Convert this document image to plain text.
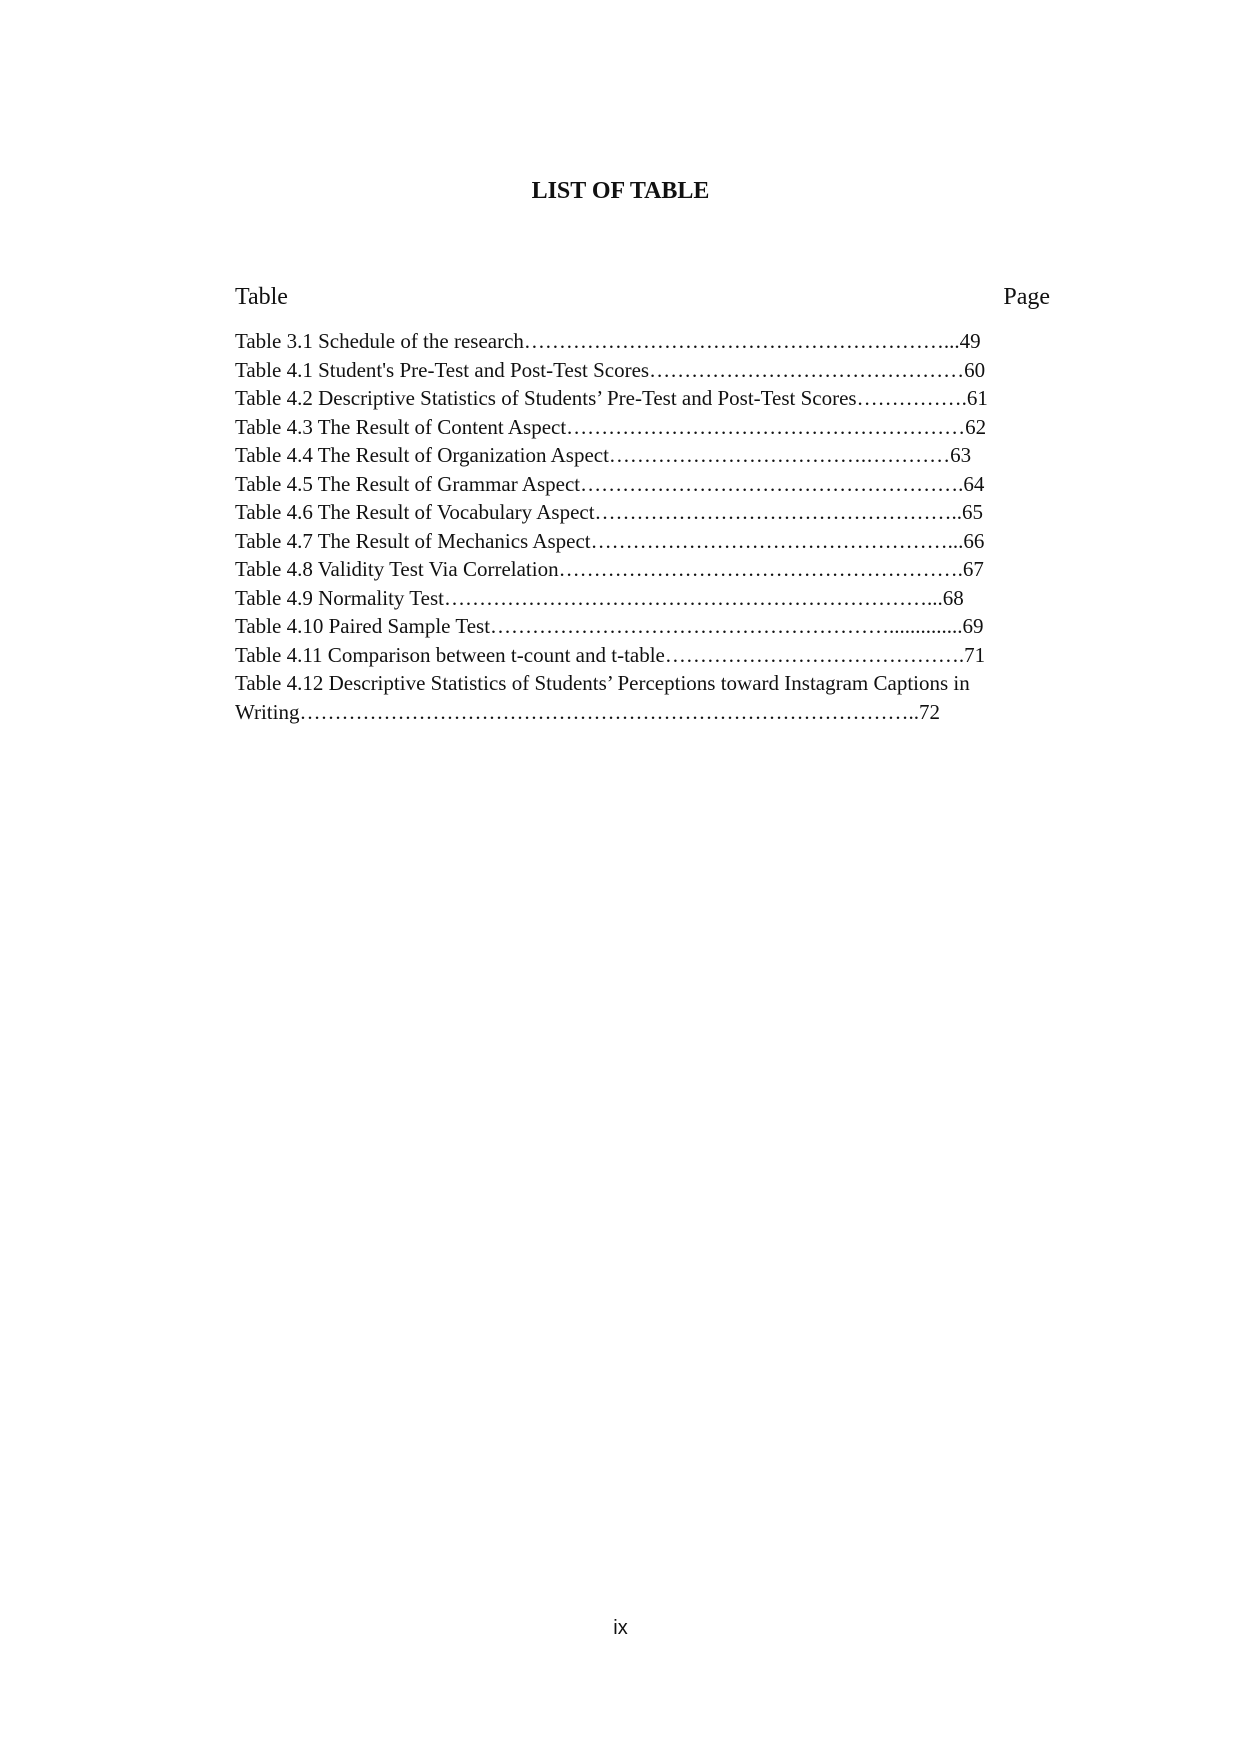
LIST OF TABLE
Table	Page
Table 3.1 Schedule of the research……………………………………………………...49
Table 4.1 Student's Pre-Test and Post-Test Scores………………………………………60
Table 4.2 Descriptive Statistics of Students’ Pre-Test and Post-Test Scores…………….61
Table 4.3 The Result of Content Aspect…………………………………………………62
Table 4.4 The Result of Organization Aspect……………………………….…………63
Table 4.5 The Result of Grammar Aspect……………………………………………….64
Table 4.6 The Result of Vocabulary Aspect……………………………………………..65
Table 4.7 The Result of Mechanics Aspect……………………………………………...66
Table 4.8 Validity Test Via Correlation………………………………………………….67
Table 4.9 Normality Test……………………………………………………………...68
Table 4.10 Paired Sample Test…………………………………………………..............69
Table 4.11 Comparison between t-count and t-table…………………………………….71
Table 4.12 Descriptive Statistics of Students’ Perceptions toward Instagram Captions in
Writing……………………………………………………………………………..72
ix
